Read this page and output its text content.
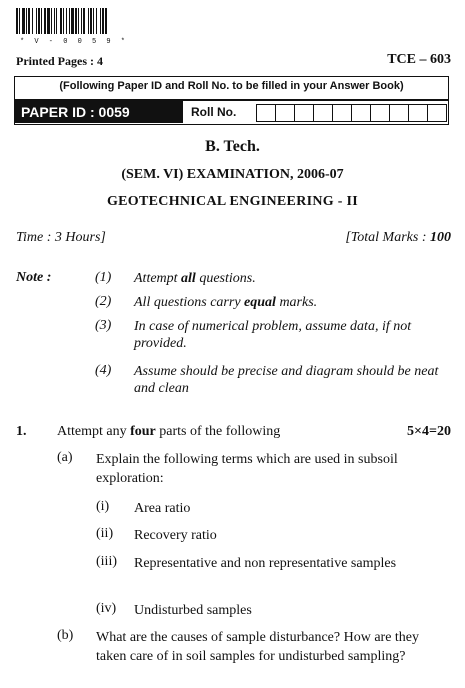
* V - 0 0 5 9 *
Printed Pages : 4	TCE – 603
(Following Paper ID and Roll No. to be filled in your Answer Book)
PAPER ID : 0059	Roll No.
B. Tech.
(SEM. VI) EXAMINATION, 2006-07
GEOTECHNICAL ENGINEERING - II
Time : 3 Hours]	[Total Marks : 100
Note :	(1) Attempt all questions.
(2) All questions carry equal marks.
(3) In case of numerical problem, assume data, if not provided.
(4) Assume should be precise and diagram should be neat and clean
1. Attempt any four parts of the following	5×4=20
(a) Explain the following terms which are used in subsoil exploration:
(i) Area ratio
(ii) Recovery ratio
(iii) Representative and non representative samples
(iv) Undisturbed samples
(b) What are the causes of sample disturbance? How are they taken care of in soil samples for undisturbed sampling?
